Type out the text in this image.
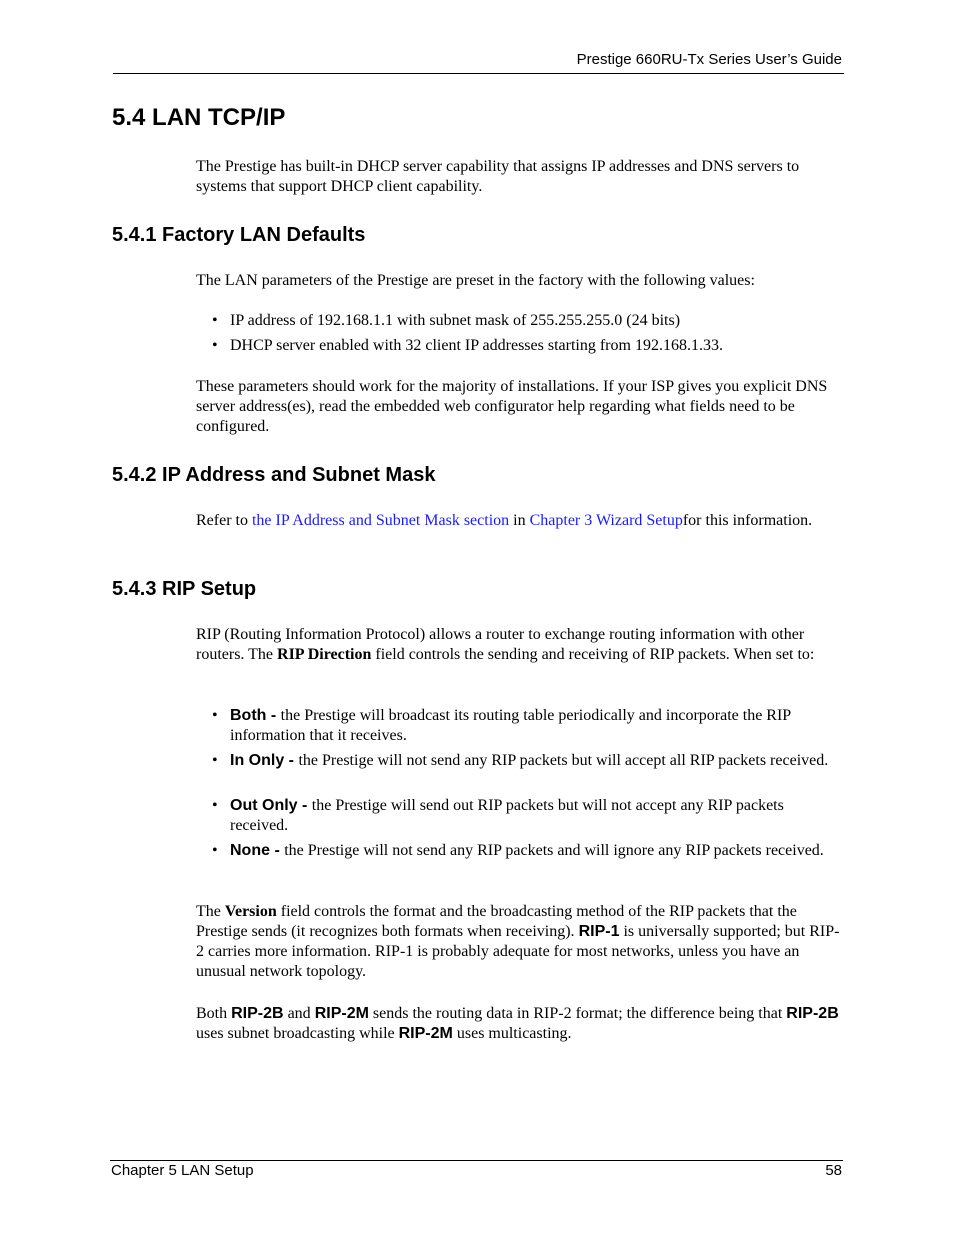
Prestige 660RU-Tx Series User’s Guide
5.4 LAN TCP/IP

The Prestige has built-in DHCP server capability that assigns IP addresses and DNS servers to systems that support DHCP client capability.

5.4.1 Factory LAN Defaults

The LAN parameters of the Prestige are preset in the factory with the following values:

• IP address of 192.168.1.1 with subnet mask of 255.255.255.0 (24 bits)
• DHCP server enabled with 32 client IP addresses starting from 192.168.1.33.

These parameters should work for the majority of installations. If your ISP gives you explicit DNS server address(es), read the embedded web configurator help regarding what fields need to be configured.

5.4.2 IP Address and Subnet Mask

Refer to the IP Address and Subnet Mask section in Chapter 3 Wizard Setupfor this information.

5.4.3 RIP Setup

RIP (Routing Information Protocol) allows a router to exchange routing information with other routers. The RIP Direction field controls the sending and receiving of RIP packets. When set to:

• Both - the Prestige will broadcast its routing table periodically and incorporate the RIP information that it receives.
• In Only - the Prestige will not send any RIP packets but will accept all RIP packets received.
• Out Only - the Prestige will send out RIP packets but will not accept any RIP packets received.
• None - the Prestige will not send any RIP packets and will ignore any RIP packets received.

The Version field controls the format and the broadcasting method of the RIP packets that the Prestige sends (it recognizes both formats when receiving). RIP-1 is universally supported; but RIP-2 carries more information. RIP-1 is probably adequate for most networks, unless you have an unusual network topology.

Both RIP-2B and RIP-2M sends the routing data in RIP-2 format; the difference being that RIP-2B uses subnet broadcasting while RIP-2M uses multicasting.

Chapter 5 LAN Setup	58
